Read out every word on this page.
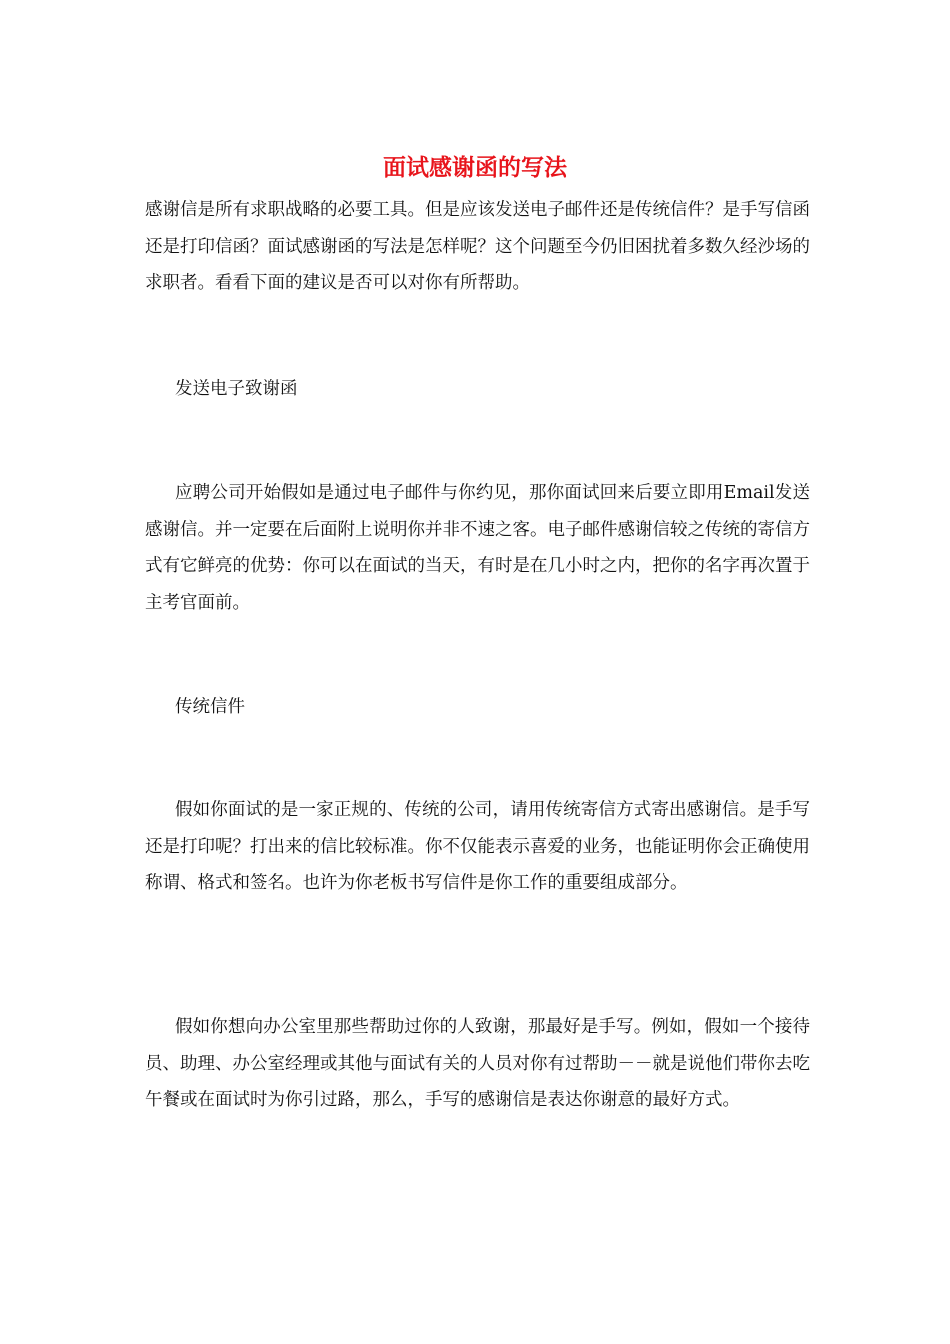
面试感谢函的写法
感谢信是所有求职战略的必要工具。但是应该发送电子邮件还是传统信件？是手写信函还是打印信函？面试感谢函的写法是怎样呢？这个问题至今仍旧困扰着多数久经沙场的求职者。看看下面的建议是否可以对你有所帮助。
发送电子致谢函
应聘公司开始假如是通过电子邮件与你约见，那你面试回来后要立即用Email发送感谢信。并一定要在后面附上说明你并非不速之客。电子邮件感谢信较之传统的寄信方式有它鲜亮的优势：你可以在面试的当天，有时是在几小时之内，把你的名字再次置于主考官面前。
传统信件
假如你面试的是一家正规的、传统的公司，请用传统寄信方式寄出感谢信。是手写还是打印呢？打出来的信比较标准。你不仅能表示喜爱的业务，也能证明你会正确使用称谓、格式和签名。也许为你老板书写信件是你工作的重要组成部分。
假如你想向办公室里那些帮助过你的人致谢，那最好是手写。例如，假如一个接待员、助理、办公室经理或其他与面试有关的人员对你有过帮助－－就是说他们带你去吃午餐或在面试时为你引过路，那么，手写的感谢信是表达你谢意的最好方式。
